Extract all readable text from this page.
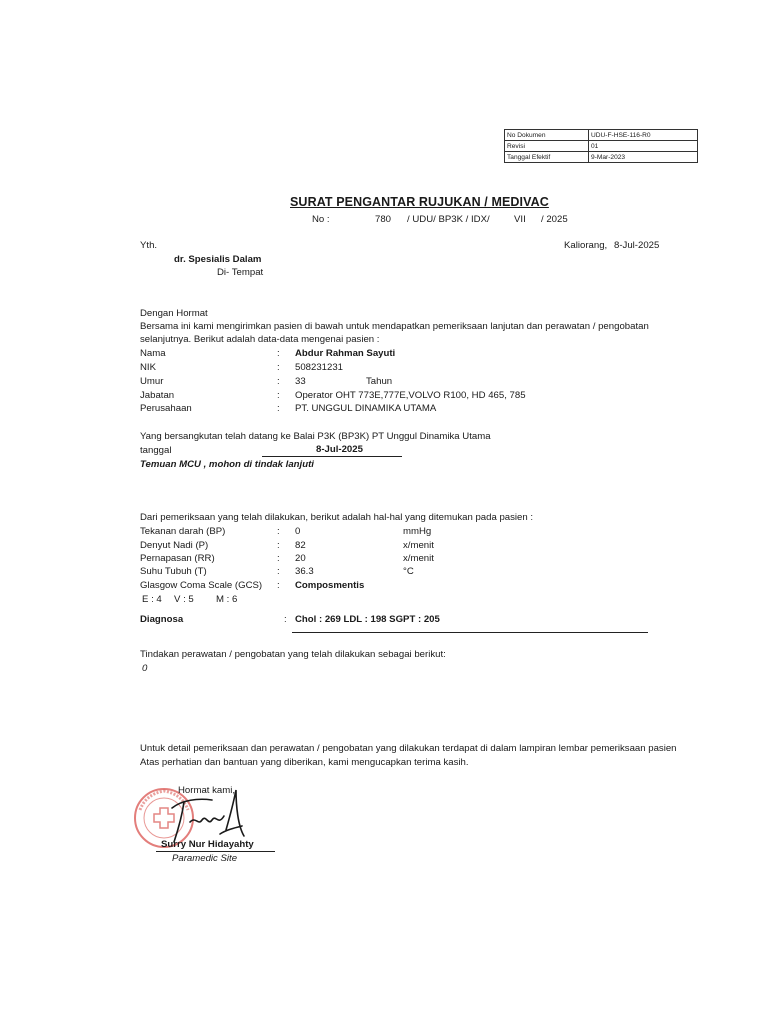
No Dokumen	UDU-F-HSE-116-R0
Revisi	01
Tanggal Efektif	9-Mar-2023
SURAT PENGANTAR RUJUKAN / MEDIVAC
No :	780 / UDU/ BP3K / IDX/	VII / 2025
Yth.	Kaliorang, 8-Jul-2025
dr. Spesialis Dalam
Di- Tempat
Dengan Hormat
Bersama ini kami mengirimkan pasien di bawah untuk mendapatkan pemeriksaan lanjutan dan perawatan / pengobatan
selanjutnya. Berikut adalah data-data mengenai pasien :
Nama	: Abdur Rahman Sayuti
NIK	: 508231231
Umur	: 33	Tahun
Jabatan	: Operator OHT 773E,777E,VOLVO R100, HD 465, 785
Perusahaan	: PT. UNGGUL DINAMIKA UTAMA
Yang bersangkutan telah datang ke Balai P3K (BP3K) PT Unggul Dinamika Utama
tanggal	8-Jul-2025
Temuan MCU , mohon di tindak lanjuti
Dari pemeriksaan yang telah dilakukan, berikut adalah hal-hal yang ditemukan pada pasien :
Tekanan darah (BP)	: 0	mmHg
Denyut Nadi (P)	: 82	x/menit
Pernapasan (RR)	: 20	x/menit
Suhu Tubuh (T)	: 36.3	°C
Glasgow Coma Scale (GCS) : Composmentis
E : 4 V : 5 M : 6
Diagnosa	: Chol : 269 LDL : 198 SGPT : 205
Tindakan perawatan / pengobatan yang telah dilakukan sebagai berikut:
0
Untuk detail pemeriksaan dan perawatan / pengobatan yang dilakukan terdapat di dalam lampiran lembar pemeriksaan pasien
Atas perhatian dan bantuan yang diberikan, kami mengucapkan terima kasih.
Hormat kami,
Surry Nur Hidayahty
Paramedic Site
